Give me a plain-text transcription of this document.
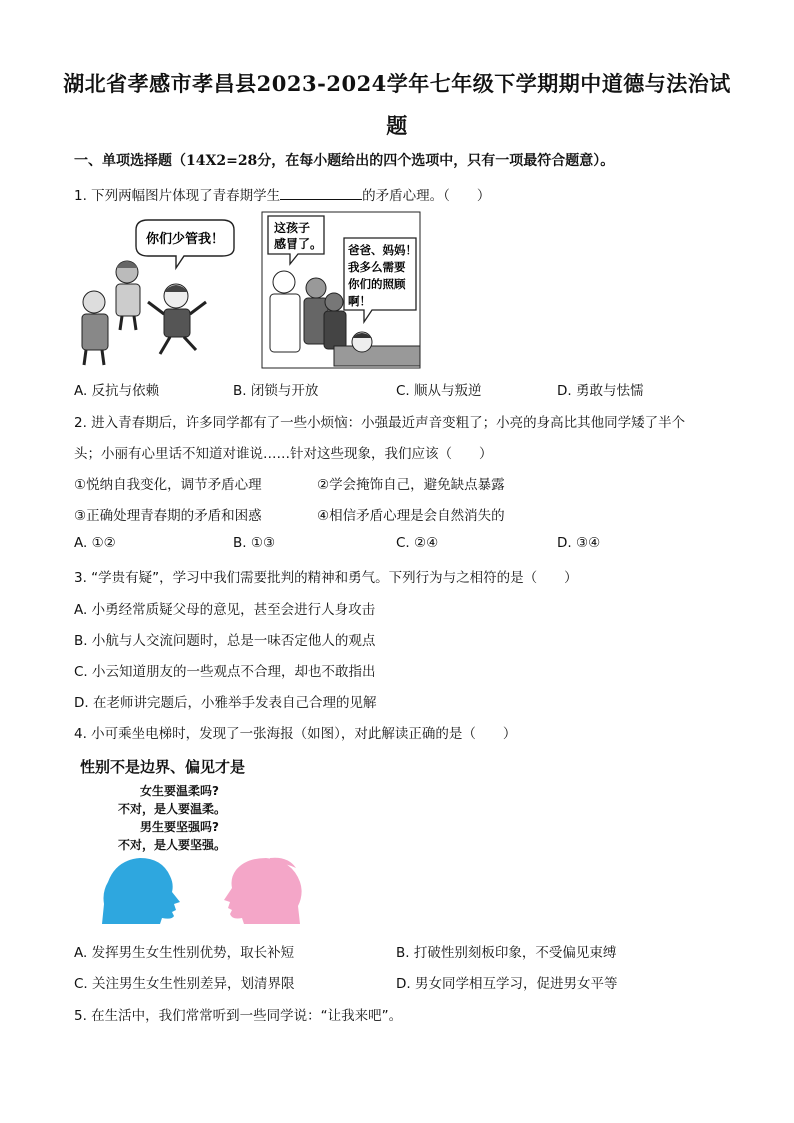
湖北省孝感市孝昌县2023-2024学年七年级下学期期中道德与法治试
题
一、单项选择题（14X2=28分，在每小题给出的四个选项中，只有一项最符合题意）。
1. 下列两幅图片体现了青春期学生	的矛盾心理。（　　）
你们少管我！
这孩子
感冒了。 爸爸、妈妈！
我多么需要
你们的照顾
啊！
A. 反抗与依赖	B. 闭锁与开放	C. 顺从与叛逆	D. 勇敢与怯懦
2. 进入青春期后，许多同学都有了一些小烦恼：小强最近声音变粗了；小亮的身高比其他同学矮了半个
头；小丽有心里话不知道对谁说……针对这些现象，我们应该（　　）
①悦纳自我变化，调节矛盾心理	②学会掩饰自己，避免缺点暴露
③正确处理青春期的矛盾和困惑	④相信矛盾心理是会自然消失的
A. ①②	B. ①③	C. ②④	D. ③④
3. “学贵有疑”，学习中我们需要批判的精神和勇气。下列行为与之相符的是（　　）
A. 小勇经常质疑父母的意见，甚至会进行人身攻击
B. 小航与人交流问题时，总是一味否定他人的观点
C. 小云知道朋友的一些观点不合理，却也不敢指出
D. 在老师讲完题后，小雅举手发表自己合理的见解
4. 小可乘坐电梯时，发现了一张海报（如图），对此解读正确的是（　　）
性别不是边界、偏见才是
女生要温柔吗?
不对，是人要温柔。
男生要坚强吗?
不对，是人要坚强。
A. 发挥男生女生性别优势，取长补短	B. 打破性别刻板印象，不受偏见束缚
C. 关注男生女生性别差异，划清界限	D. 男女同学相互学习，促进男女平等
5. 在生活中，我们常常听到一些同学说：“让我来吧”。
